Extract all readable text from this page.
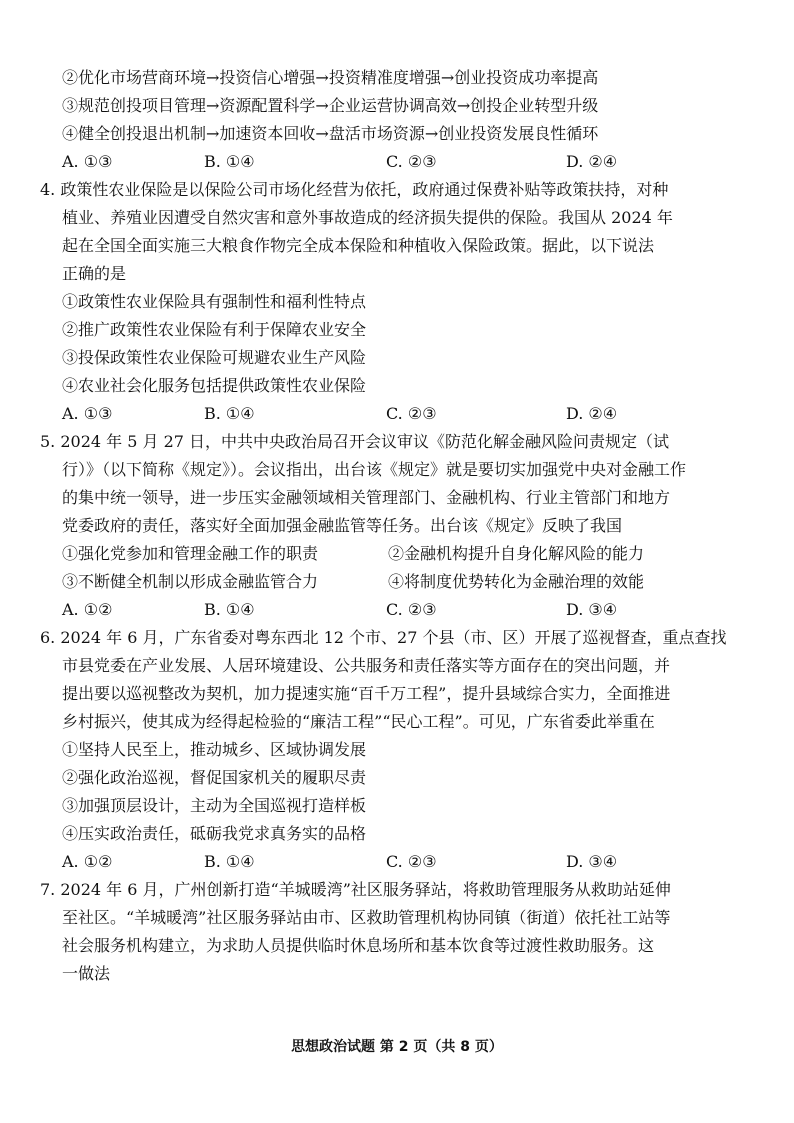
②优化市场营商环境→投资信心增强→投资精准度增强→创业投资成功率提高
③规范创投项目管理→资源配置科学→企业运营协调高效→创投企业转型升级
④健全创投退出机制→加速资本回收→盘活市场资源→创业投资发展良性循环
A. ①③	B. ①④	C. ②③	D. ②④
4. 政策性农业保险是以保险公司市场化经营为依托，政府通过保费补贴等政策扶持，对种
植业、养殖业因遭受自然灾害和意外事故造成的经济损失提供的保险。我国从 2024 年
起在全国全面实施三大粮食作物完全成本保险和种植收入保险政策。据此，以下说法
正确的是
①政策性农业保险具有强制性和福利性特点
②推广政策性农业保险有利于保障农业安全
③投保政策性农业保险可规避农业生产风险
④农业社会化服务包括提供政策性农业保险
A. ①③	B. ①④	C. ②③	D. ②④
5. 2024 年 5 月 27 日，中共中央政治局召开会议审议《防范化解金融风险问责规定（试
行）》（以下简称《规定》）。会议指出，出台该《规定》就是要切实加强党中央对金融工作
的集中统一领导，进一步压实金融领域相关管理部门、金融机构、行业主管部门和地方
党委政府的责任，落实好全面加强金融监管等任务。出台该《规定》反映了我国
①强化党参加和管理金融工作的职责	②金融机构提升自身化解风险的能力
③不断健全机制以形成金融监管合力	④将制度优势转化为金融治理的效能
A. ①②	B. ①④	C. ②③	D. ③④
6. 2024 年 6 月，广东省委对粤东西北 12 个市、27 个县（市、区）开展了巡视督查，重点查找
市县党委在产业发展、人居环境建设、公共服务和责任落实等方面存在的突出问题，并
提出要以巡视整改为契机，加力提速实施“百千万工程”，提升县域综合实力，全面推进
乡村振兴，使其成为经得起检验的“廉洁工程”“民心工程”。可见，广东省委此举重在
①坚持人民至上，推动城乡、区域协调发展
②强化政治巡视，督促国家机关的履职尽责
③加强顶层设计，主动为全国巡视打造样板
④压实政治责任，砥砺我党求真务实的品格
A. ①②	B. ①④	C. ②③	D. ③④
7. 2024 年 6 月，广州创新打造“羊城暖湾”社区服务驿站，将救助管理服务从救助站延伸
至社区。“羊城暖湾”社区服务驿站由市、区救助管理机构协同镇（街道）依托社工站等
社会服务机构建立，为求助人员提供临时休息场所和基本饮食等过渡性救助服务。这
一做法
思想政治试题 第 2 页（共 8 页）
